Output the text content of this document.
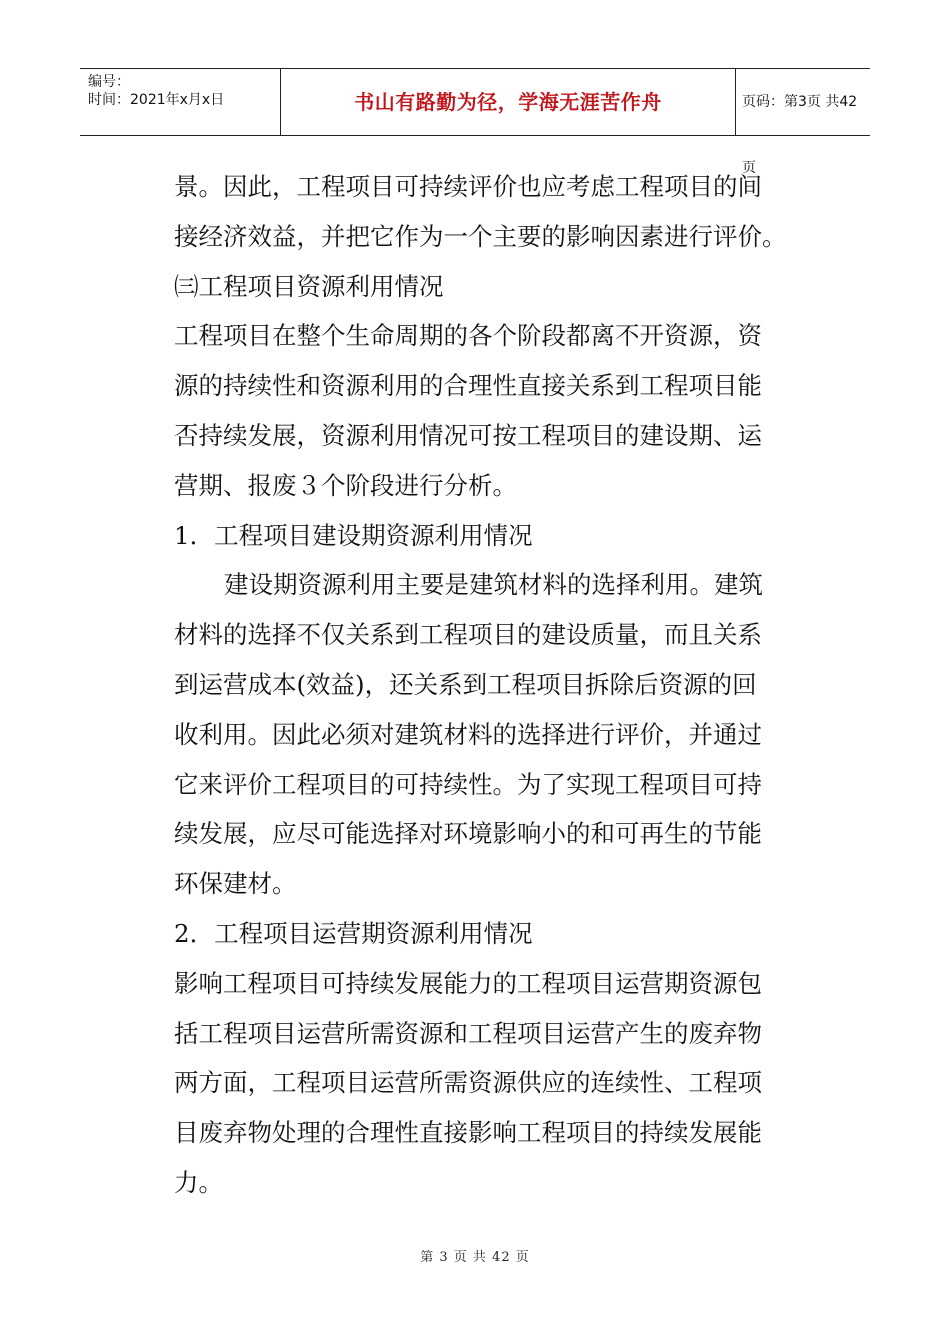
编号：
时间：2021年x月x日	书山有路勤为径，学海无涯苦作舟	页码：第3页 共42页
景。因此，工程项目可持续评价也应考虑工程项目的间
接经济效益，并把它作为一个主要的影响因素进行评价。
㈢工程项目资源利用情况
工程项目在整个生命周期的各个阶段都离不开资源，资
源的持续性和资源利用的合理性直接关系到工程项目能
否持续发展，资源利用情况可按工程项目的建设期、运
营期、报废３个阶段进行分析。
1．工程项目建设期资源利用情况
建设期资源利用主要是建筑材料的选择利用。建筑
材料的选择不仅关系到工程项目的建设质量，而且关系
到运营成本(效益)，还关系到工程项目拆除后资源的回
收利用。因此必须对建筑材料的选择进行评价，并通过
它来评价工程项目的可持续性。为了实现工程项目可持
续发展，应尽可能选择对环境影响小的和可再生的节能
环保建材。
2．工程项目运营期资源利用情况
影响工程项目可持续发展能力的工程项目运营期资源包
括工程项目运营所需资源和工程项目运营产生的废弃物
两方面，工程项目运营所需资源供应的连续性、工程项
目废弃物处理的合理性直接影响工程项目的持续发展能
力。
第 3 页 共 42 页
